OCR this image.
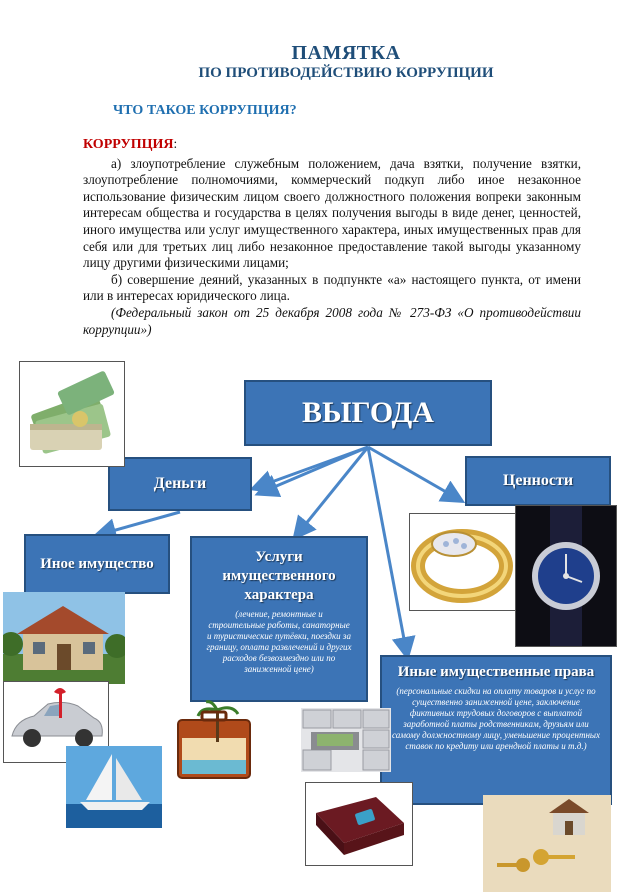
ПАМЯТКА
ПО ПРОТИВОДЕЙСТВИЮ КОРРУПЦИИ
ЧТО ТАКОЕ КОРРУПЦИЯ?
КОРРУПЦИЯ:

а) злоупотребление служебным положением, дача взятки, получение взятки, злоупотребление полномочиями, коммерческий подкуп либо иное незаконное использование физическим лицом своего должностного положения вопреки законным интересам общества и государства в целях получения выгоды в виде денег, ценностей, иного имущества или услуг имущественного характера, иных имущественных прав для себя или для третьих лиц либо незаконное предоставление такой выгоды указанному лицу другими физическими лицами;

б) совершение деяний, указанных в подпункте «а» настоящего пункта, от имени или в интересах юридического лица.

(Федеральный закон от 25 декабря 2008 года № 273-ФЗ «О противодействии коррупции»)

ВЫГОДА
Деньги	Ценности
Иное имущество	Услуги имущественного характера
(лечение, ремонтные и строительные работы, санаторные и туристические путёвки, поездки за границу, оплата развлечений и других расходов безвозмездно или по заниженной цене)	Иные имущественные права
(персональные скидки на оплату товаров и услуг по существенно заниженной цене, заключение фиктивных трудовых договоров с выплатой заработной платы родственникам, друзьям или самому должностному лицу, уменьшение процентных ставок по кредиту или арендной платы и т.д.)
